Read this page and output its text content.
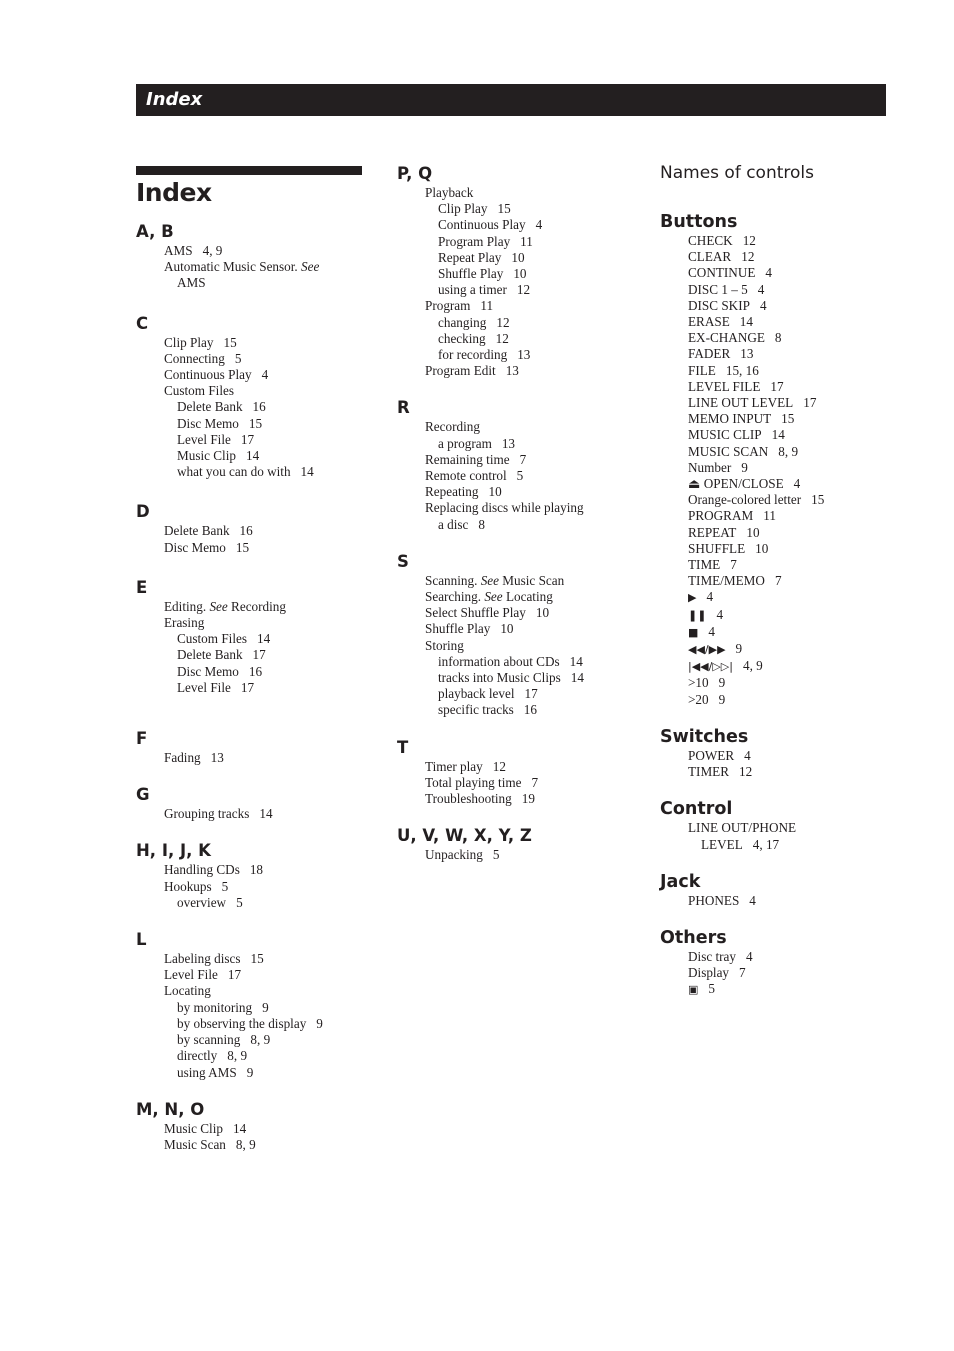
Index
Index
A, B
AMS 4, 9
Automatic Music Sensor. See
AMS
C
Clip Play 15
Connecting 5
Continuous Play 4
Custom Files
Delete Bank 16
Disc Memo 15
Level File 17
Music Clip 14
what you can do with 14
D
Delete Bank 16
Disc Memo 15
E
Editing. See Recording
Erasing
Custom Files 14
Delete Bank 17
Disc Memo 16
Level File 17
F
Fading 13
G
Grouping tracks 14
H, I, J, K
Handling CDs 18
Hookups 5
overview 5
L
Labeling discs 15
Level File 17
Locating
by monitoring 9
by observing the display 9
by scanning 8, 9
directly 8, 9
using AMS 9
M, N, O
Music Clip 14
Music Scan 8, 9
P, Q
Playback
Clip Play 15
Continuous Play 4
Program Play 11
Repeat Play 10
Shuffle Play 10
using a timer 12
Program 11
changing 12
checking 12
for recording 13
Program Edit 13
R
Recording
a program 13
Remaining time 7
Remote control 5
Repeating 10
Replacing discs while playing
a disc 8
S
Scanning. See Music Scan
Searching. See Locating
Select Shuffle Play 10
Shuffle Play 10
Storing
information about CDs 14
tracks into Music Clips 14
playback level 17
specific tracks 16
T
Timer play 12
Total playing time 7
Troubleshooting 19
U, V, W, X, Y, Z
Unpacking 5
Names of controls
Buttons
CHECK 12
CLEAR 12
CONTINUE 4
DISC 1 – 5 4
DISC SKIP 4
ERASE 14
EX-CHANGE 8
FADER 13
FILE 15, 16
LEVEL FILE 17
LINE OUT LEVEL 17
MEMO INPUT 15
MUSIC CLIP 14
MUSIC SCAN 8, 9
Number 9
⏏ OPEN/CLOSE 4
Orange-colored letter 15
PROGRAM 11
REPEAT 10
SHUFFLE 10
TIME 7
TIME/MEMO 7
▶ 4
❚❚ 4
■ 4
◀◀/▶▶ 9
|◀◀/▷▷| 4, 9
>10 9
>20 9
Switches
POWER 4
TIMER 12
Control
LINE OUT/PHONE
LEVEL 4, 17
Jack
PHONES 4
Others
Disc tray 4
Display 7
▣ 5
